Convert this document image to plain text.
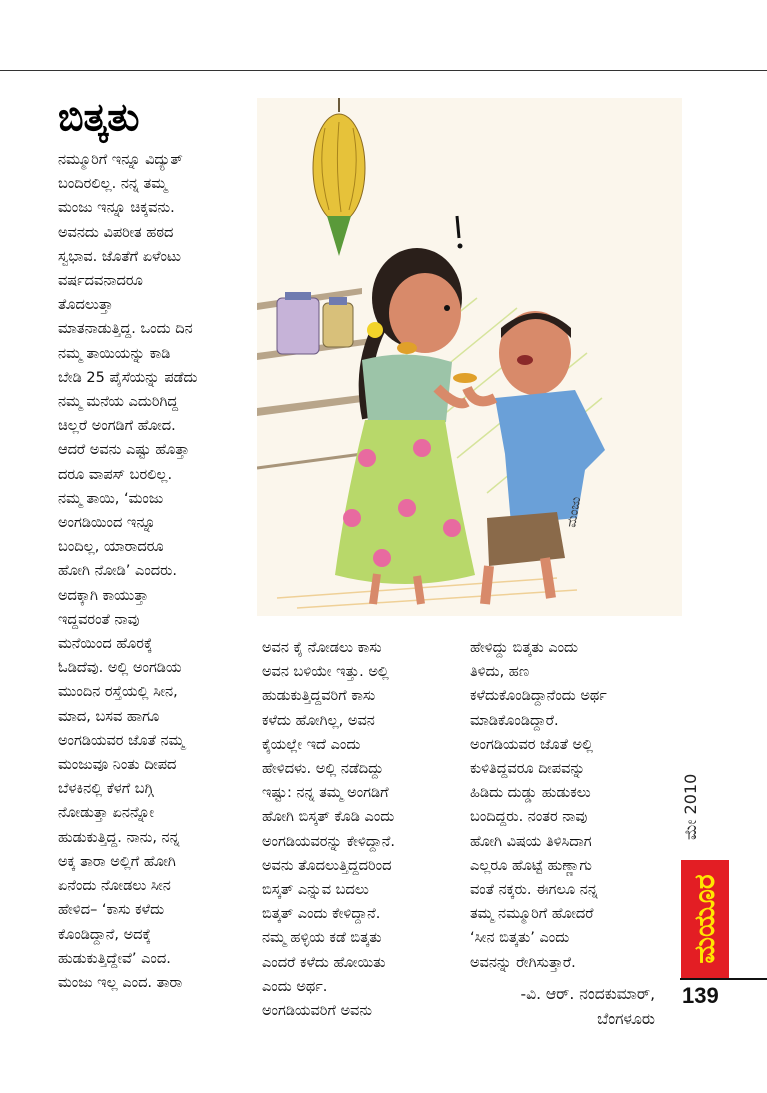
ಬಿತ್ಕತು
ನಮ್ಮೂರಿಗೆ ಇನ್ನೂ ವಿದ್ಯುತ್
ಬಂದಿರಲಿಲ್ಲ. ನನ್ನ ತಮ್ಮ
ಮಂಜು ಇನ್ನೂ ಚಿಕ್ಕವನು.
ಅವನದು ವಿಪರೀತ ಹಠದ
ಸ್ವಭಾವ. ಜೊತೆಗೆ ಏಳೆಂಟು
ವರ್ಷದವನಾದರೂ
ತೊದಲುತ್ತಾ
ಮಾತನಾಡುತ್ತಿದ್ದ. ಒಂದು ದಿನ
ನಮ್ಮ ತಾಯಿಯನ್ನು ಕಾಡಿ
ಬೇಡಿ 25 ಪೈಸೆಯನ್ನು ಪಡೆದು
ನಮ್ಮ ಮನೆಯ ಎದುರಿಗಿದ್ದ
ಚಿಲ್ಲರೆ ಅಂಗಡಿಗೆ ಹೋದ.
ಆದರೆ ಅವನು ಎಷ್ಟು ಹೊತ್ತಾ
ದರೂ ವಾಪಸ್ ಬರಲಿಲ್ಲ.
ನಮ್ಮ ತಾಯಿ, ‘ಮಂಜು
ಅಂಗಡಿಯಿಂದ ಇನ್ನೂ
ಬಂದಿಲ್ಲ, ಯಾರಾದರೂ
ಹೋಗಿ ನೋಡಿ’ ಎಂದರು.
ಅದಕ್ಕಾಗಿ ಕಾಯುತ್ತಾ
ಇದ್ದವರಂತೆ ನಾವು
ಮನೆಯಿಂದ ಹೊರಕ್ಕೆ
ಓಡಿದೆವು. ಅಲ್ಲಿ ಅಂಗಡಿಯ
ಮುಂದಿನ ರಸ್ತೆಯಲ್ಲಿ ಸೀನ,
ಮಾದ, ಬಸವ ಹಾಗೂ
ಅಂಗಡಿಯವರ ಜೊತೆ ನಮ್ಮ
ಮಂಜುವೂ ನಿಂತು ದೀಪದ
ಬೆಳಕಿನಲ್ಲಿ ಕೆಳಗೆ ಬಗ್ಗಿ
ನೋಡುತ್ತಾ ಏನನ್ನೋ
ಹುಡುಕುತ್ತಿದ್ದ. ನಾನು, ನನ್ನ
ಅಕ್ಕ ತಾರಾ ಅಲ್ಲಿಗೆ ಹೋಗಿ
ಏನೆಂದು ನೋಡಲು ಸೀನ
ಹೇಳಿದ– ‘ಕಾಸು ಕಳೆದು
ಕೊಂಡಿದ್ದಾನೆ, ಅದಕ್ಕೆ
ಹುಡುಕುತ್ತಿದ್ದೇವೆ’ ಎಂದ.
ಮಂಜು ಇಲ್ಲ ಎಂದ. ತಾರಾ
ಅವನ ಕೈ ನೋಡಲು ಕಾಸು
ಅವನ ಬಳಿಯೇ ಇತ್ತು. ಅಲ್ಲಿ
ಹುಡುಕುತ್ತಿದ್ದವರಿಗೆ ಕಾಸು
ಕಳೆದು ಹೋಗಿಲ್ಲ, ಅವನ
ಕೈಯಲ್ಲೇ ಇದೆ ಎಂದು
ಹೇಳಿದಳು. ಅಲ್ಲಿ ನಡೆದಿದ್ದು
ಇಷ್ಟು: ನನ್ನ ತಮ್ಮ ಅಂಗಡಿಗೆ
ಹೋಗಿ ಬಿಸ್ಕತ್ ಕೊಡಿ ಎಂದು
ಅಂಗಡಿಯವರನ್ನು ಕೇಳಿದ್ದಾನೆ.
ಅವನು ತೊದಲುತ್ತಿದ್ದದರಿಂದ
ಬಿಸ್ಕತ್ ಎನ್ನುವ ಬದಲು
ಬಿತ್ಕತ್ ಎಂದು ಕೇಳಿದ್ದಾನೆ.
ನಮ್ಮ ಹಳ್ಳಿಯ ಕಡೆ ಬಿತ್ಕತು
ಎಂದರೆ ಕಳೆದು ಹೋಯಿತು
ಎಂದು ಅರ್ಥ.
ಅಂಗಡಿಯವರಿಗೆ ಅವನು
ಹೇಳಿದ್ದು ಬಿತ್ಕತು ಎಂದು
ತಿಳಿದು, ಹಣ
ಕಳೆದುಕೊಂಡಿದ್ದಾನೆಂದು ಅರ್ಥ
ಮಾಡಿಕೊಂಡಿದ್ದಾರೆ.
ಅಂಗಡಿಯವರ ಜೊತೆ ಅಲ್ಲಿ
ಕುಳಿತಿದ್ದವರೂ ದೀಪವನ್ನು
ಹಿಡಿದು ದುಡ್ಡು ಹುಡುಕಲು
ಬಂದಿದ್ದರು. ನಂತರ ನಾವು
ಹೋಗಿ ವಿಷಯ ತಿಳಿಸಿದಾಗ
ಎಲ್ಲರೂ ಹೊಟ್ಟೆ ಹುಣ್ಣಾಗು
ವಂತೆ ನಕ್ಕರು. ಈಗಲೂ ನನ್ನ
ತಮ್ಮ ನಮ್ಮೂರಿಗೆ ಹೋದರೆ
‘ಸೀನ ಬಿತ್ಕತು’ ಎಂದು
ಅವನನ್ನು ರೇಗಿಸುತ್ತಾರೆ.
-ವಿ. ಆರ್. ನಂದಕುಮಾರ್,
ಬೆಂಗಳೂರು
ಮಂಜು
ಮೇ 2010
ಮಯೂರ
139
